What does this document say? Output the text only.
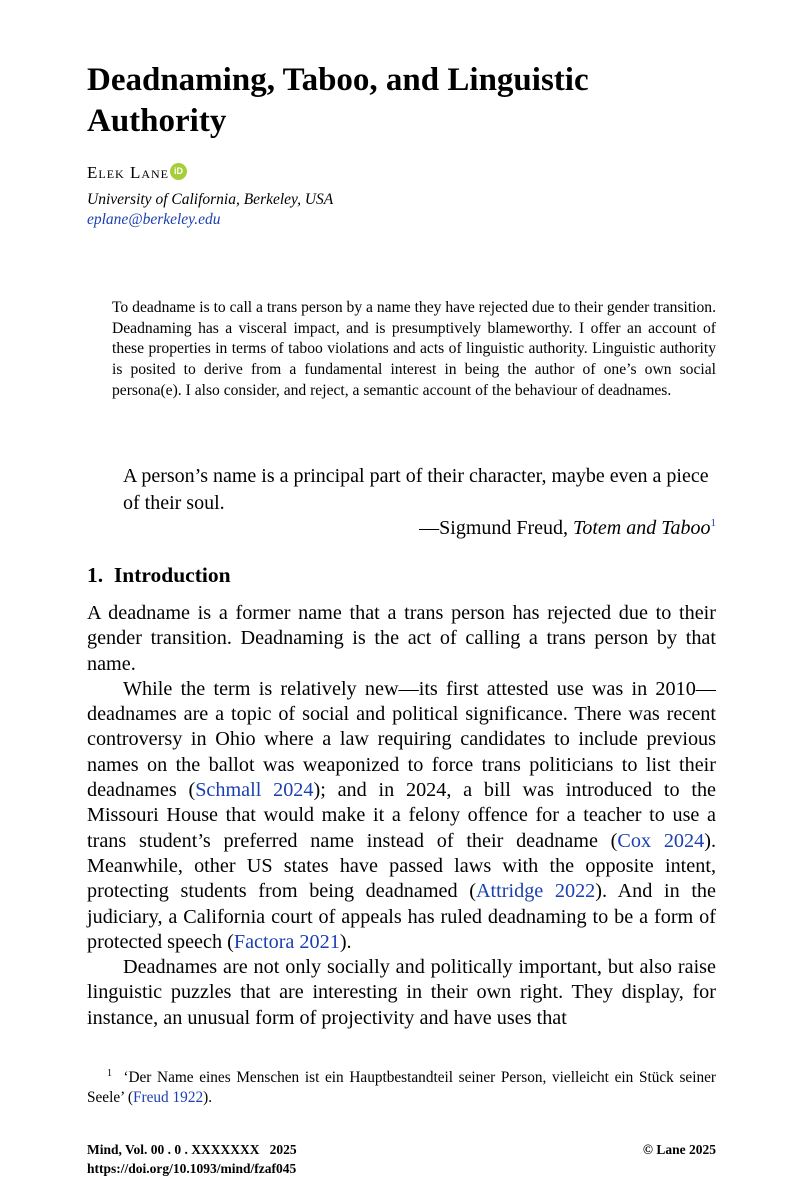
Deadnaming, Taboo, and Linguistic Authority
Elek Lane iD
University of California, Berkeley, USA
eplane@berkeley.edu

To deadname is to call a trans person by a name they have rejected due to their gender transition. Deadnaming has a visceral impact, and is presumptively blameworthy. I offer an account of these properties in terms of taboo violations and acts of linguistic authority. Linguistic authority is posited to derive from a fundamental interest in being the author of one’s own social persona(e). I also consider, and reject, a semantic account of the behaviour of deadnames.

A person’s name is a principal part of their character, maybe even a piece of their soul.

—Sigmund Freud, Totem and Taboo$^1$
1. Introduction

A deadname is a former name that a trans person has rejected due to their gender transition. Deadnaming is the act of calling a trans person by that name.

While the term is relatively new—its first attested use was in 2010—deadnames are a topic of social and political significance. There was recent controversy in Ohio where a law requiring candidates to include previous names on the ballot was weaponized to force trans politicians to list their deadnames (Schmall 2024); and in 2024, a bill was introduced to the Missouri House that would make it a felony offence for a teacher to use a trans student’s preferred name instead of their deadname (Cox 2024). Meanwhile, other US states have passed laws with the opposite intent, protecting students from being deadnamed (Attridge 2022). And in the judiciary, a California court of appeals has ruled deadnaming to be a form of protected speech (Factora 2021).

Deadnames are not only socially and politically important, but also raise linguistic puzzles that are interesting in their own right. They display, for instance, an unusual form of projectivity and have uses that

$^1$ ‘Der Name eines Menschen ist ein Hauptbestandteil seiner Person, vielleicht ein Stück seiner Seele’ (Freud 1922).

Mind, Vol. 00 . 0 . XXXXXXX 2025
https://doi.org/10.1093/mind/fzaf045
© Lane 2025
